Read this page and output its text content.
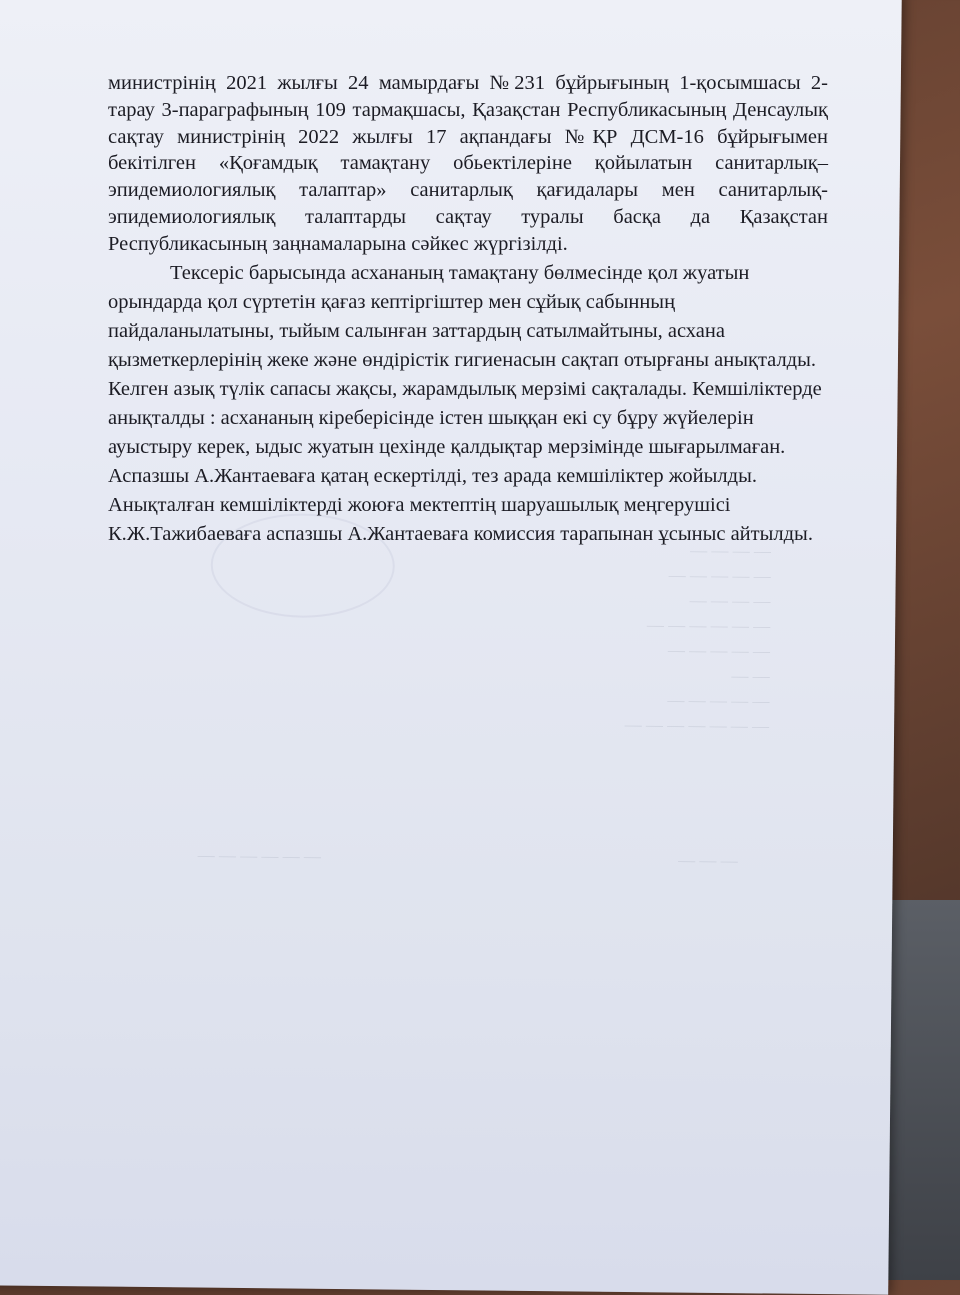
— — — —
— — — — —
— — — —
— — — — — —
— — — — —
— —
— — — — —
— — — — — — —
— — —
— — — — — —

министрінің 2021 жылғы 24 мамырдағы №231 бұйрығының 1-қосымшасы 2-тарау 3-параграфының 109 тармақшасы, Қазақстан Республикасының Денсаулық сақтау министрінің 2022 жылғы 17 ақпандағы №ҚР ДСМ-16 бұйрығымен бекітілген «Қоғамдық тамақтану обьектілеріне қойылатын санитарлық– эпидемиологиялық талаптар» санитарлық қағидалары мен санитарлық-эпидемиологиялық талаптарды сақтау туралы басқа да Қазақстан Республикасының заңнамаларына сәйкес жүргізілді.

Тексеріс барысында асхананың тамақтану бөлмесінде қол жуатын орындарда қол сүртетін қағаз кептіргіштер мен сұйық сабынның пайдаланылатыны, тыйым салынған заттардың сатылмайтыны, асхана қызметкерлерінің жеке және өндірістік гигиенасын сақтап отырғаны анықталды. Келген азық түлік сапасы жақсы, жарамдылық мерзімі сақталады. Кемшіліктерде анықталды : асхананың кіреберісінде істен шыққан екі су бұру жүйелерін ауыстыру керек, ыдыс жуатын цехінде қалдықтар мерзімінде шығарылмаған. Аспазшы А.Жантаеваға қатаң ескертілді, тез арада кемшіліктер жойылды. Анықталған кемшіліктерді жоюға мектептің шаруашылық меңгерушісі К.Ж.Тажибаеваға аспазшы А.Жантаеваға комиссия тарапынан ұсыныс айтылды.
